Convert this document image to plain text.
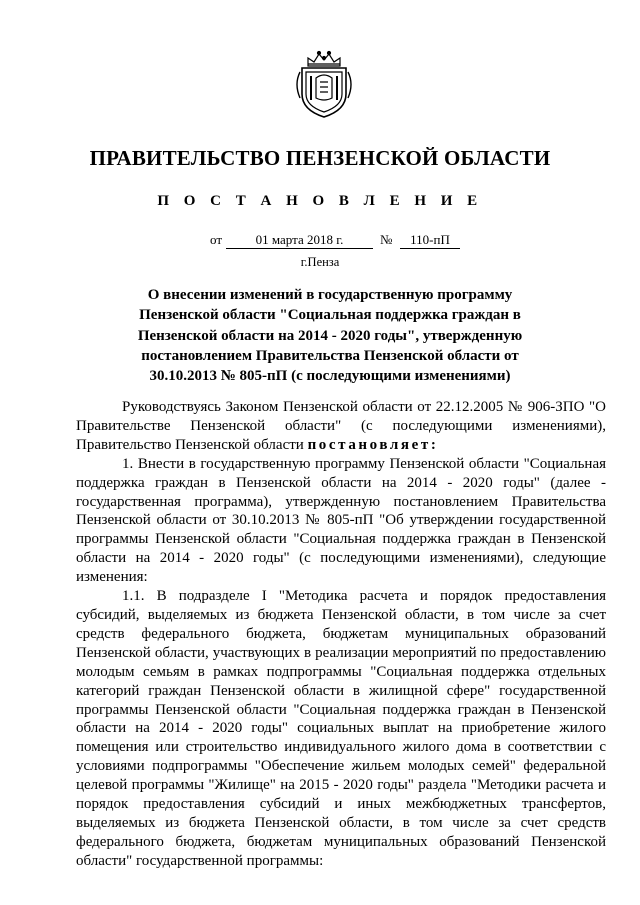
ПРАВИТЕЛЬСТВО ПЕНЗЕНСКОЙ ОБЛАСТИ
П О С Т А Н О В Л Е Н И Е
от	01 марта 2018 г.	№	110-пП
г.Пенза
О внесении изменений в государственную программу Пензенской области "Социальная поддержка граждан в Пензенской области на 2014 - 2020 годы", утвержденную постановлением Правительства Пензенской области от 30.10.2013 № 805-пП (с последующими изменениями)

Руководствуясь Законом Пензенской области от 22.12.2005 № 906-ЗПО "О Правительстве Пензенской области" (с последующими изменениями), Правительство Пензенской области постановляет:

1. Внести в государственную программу Пензенской области "Социальная поддержка граждан в Пензенской области на 2014 - 2020 годы" (далее - государственная программа), утвержденную постановлением Правительства Пензенской области от 30.10.2013 № 805-пП "Об утверждении государственной программы Пензенской области "Социальная поддержка граждан в Пензенской области на 2014 - 2020 годы" (с последующими изменениями), следующие изменения:

1.1. В подразделе I "Методика расчета и порядок предоставления субсидий, выделяемых из бюджета Пензенской области, в том числе за счет средств федерального бюджета, бюджетам муниципальных образований Пензенской области, участвующих в реализации мероприятий по предоставлению молодым семьям в рамках подпрограммы "Социальная поддержка отдельных категорий граждан Пензенской области в жилищной сфере" государственной программы Пензенской области "Социальная поддержка граждан в Пензенской области на 2014 - 2020 годы" социальных выплат на приобретение жилого помещения или строительство индивидуального жилого дома в соответствии с условиями подпрограммы "Обеспечение жильем молодых семей" федеральной целевой программы "Жилище" на 2015 - 2020 годы" раздела "Методики расчета и порядок предоставления субсидий и иных межбюджетных трансфертов, выделяемых из бюджета Пензенской области, в том числе за счет средств федерального бюджета, бюджетам муниципальных образований Пензенской области" государственной программы:
